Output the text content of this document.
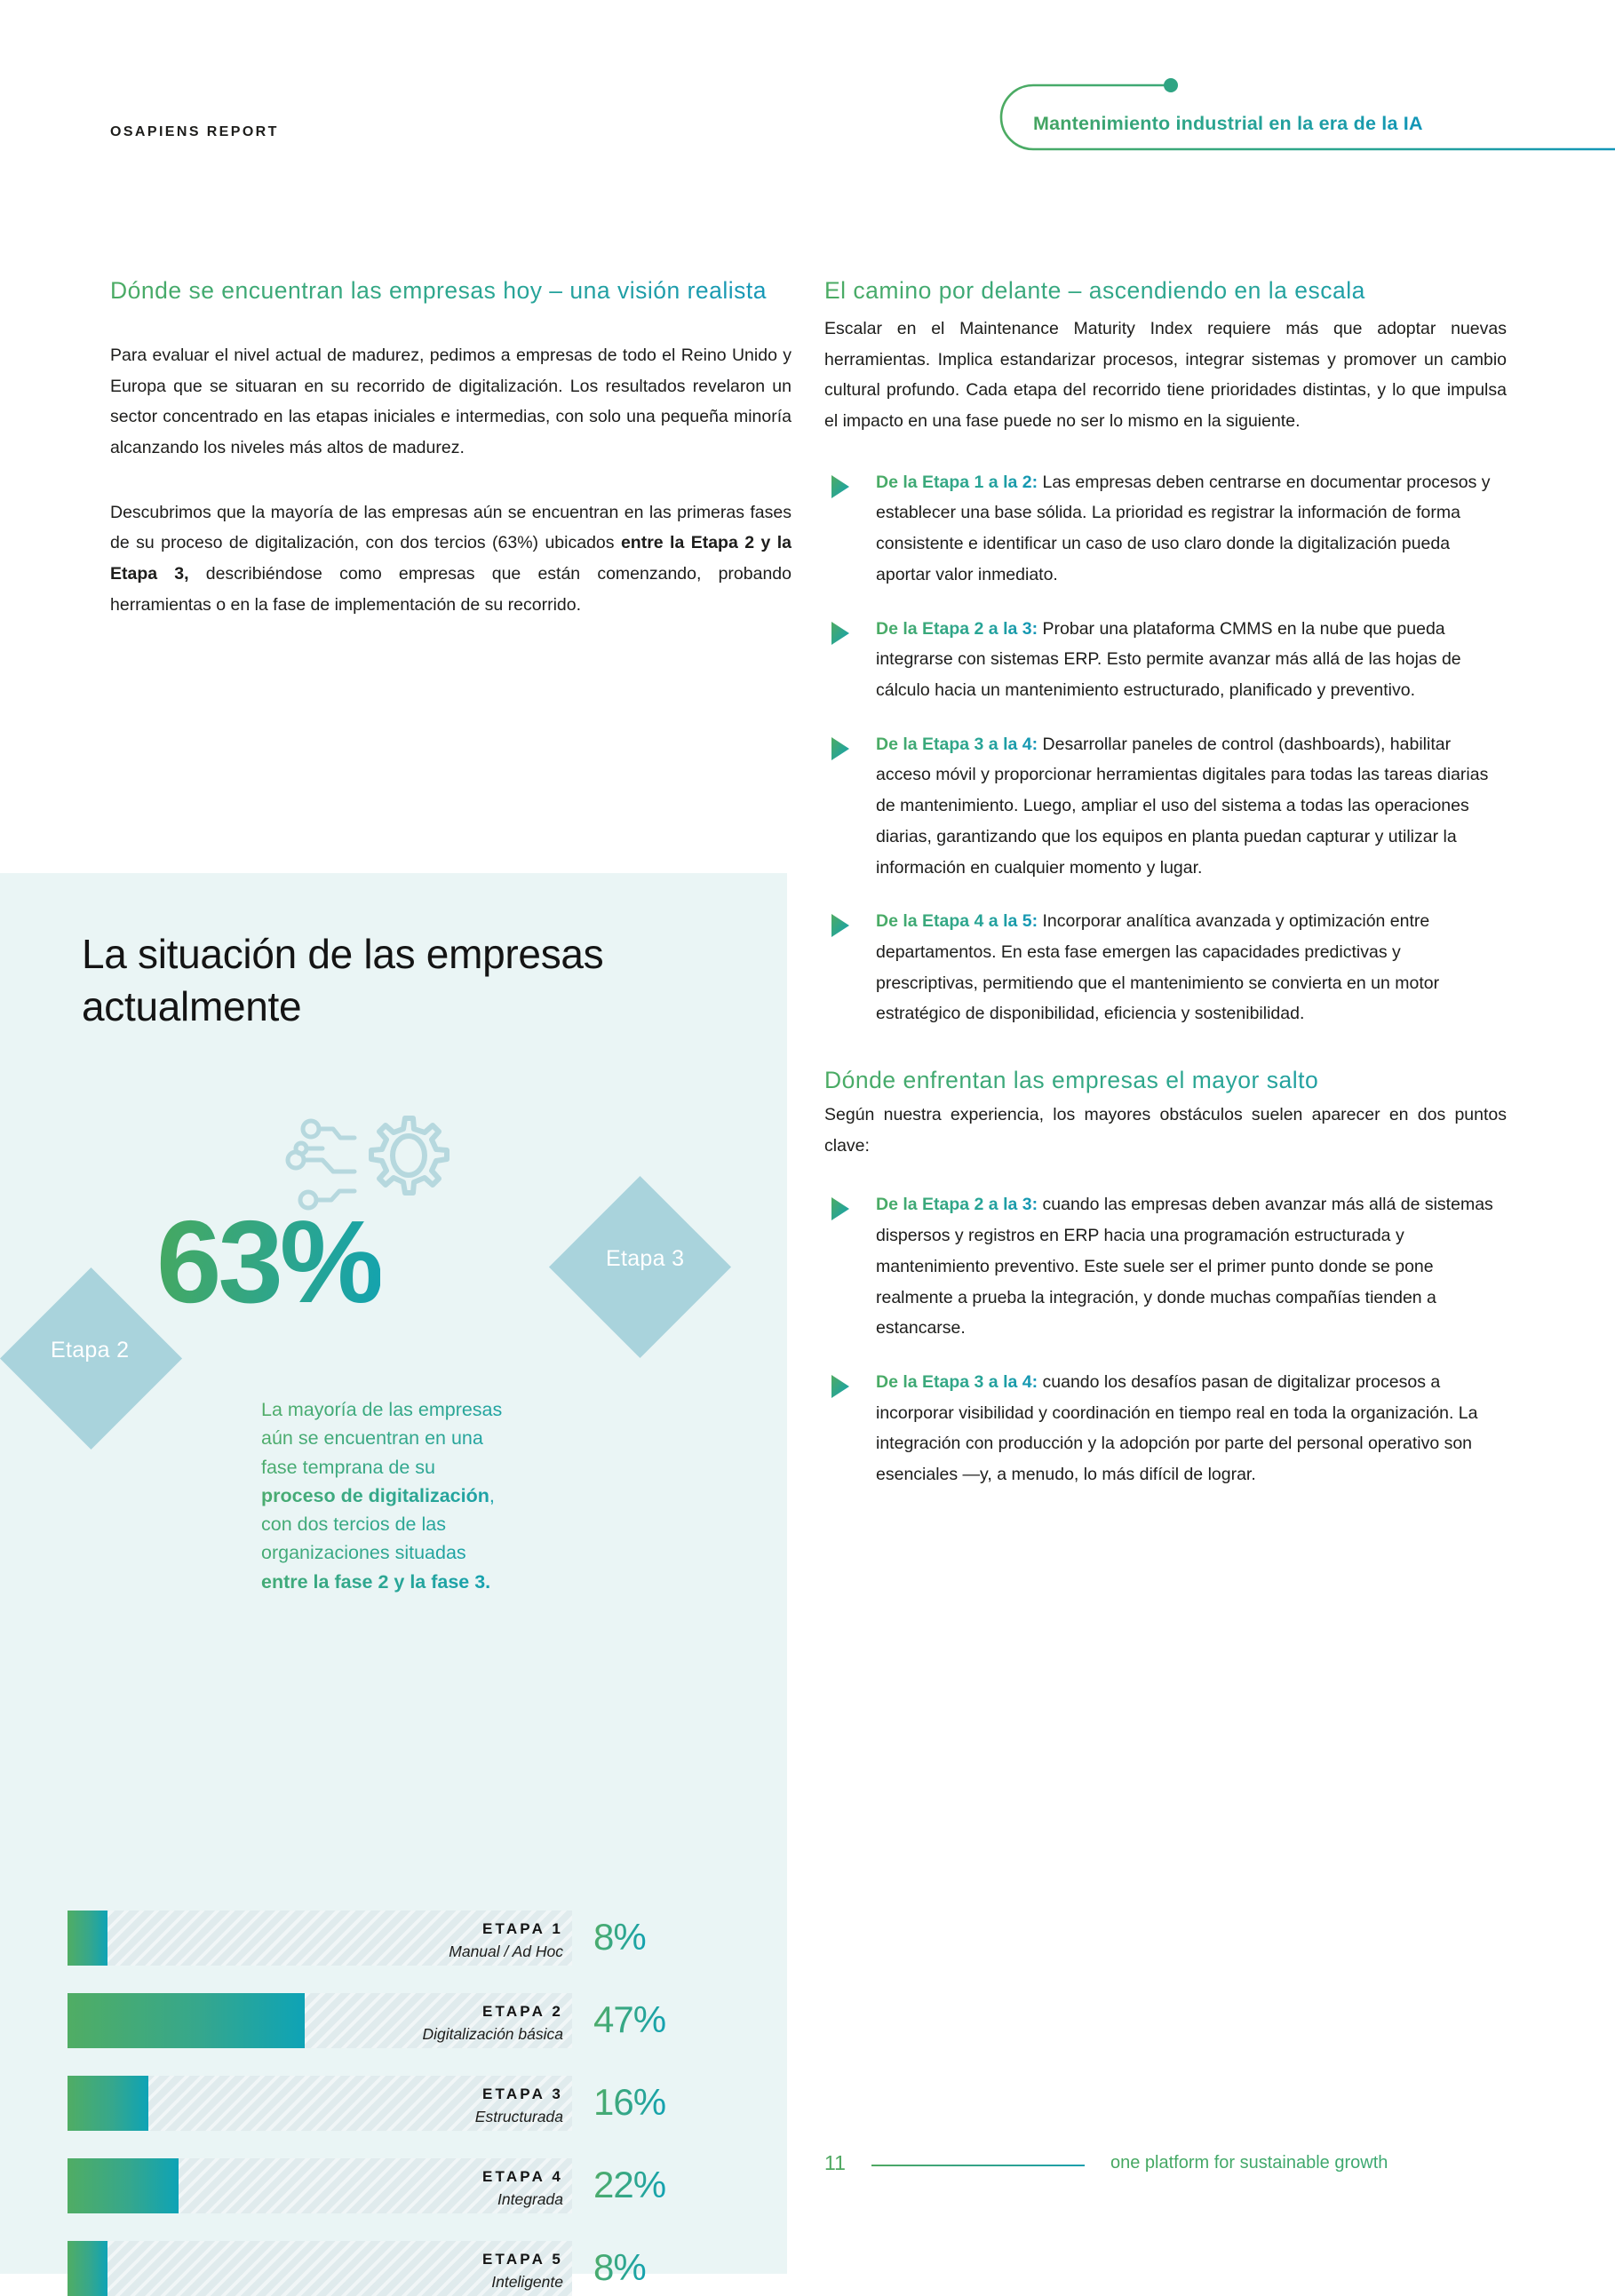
OSAPIENS REPORT	Mantenimiento industrial en la era de la IA
Dónde se encuentran las empresas hoy – una visión realista

Para evaluar el nivel actual de madurez, pedimos a empresas de todo el Reino Unido y Europa que se situaran en su recorrido de digitalización. Los resultados revelaron un sector concentrado en las etapas iniciales e intermedias, con solo una pequeña minoría alcanzando los niveles más altos de madurez.

Descubrimos que la mayoría de las empresas aún se encuentran en las primeras fases de su proceso de digitalización, con dos tercios (63%) ubicados entre la Etapa 2 y la Etapa 3, describiéndose como empresas que están comenzando, probando herramientas o en la fase de implementación de su recorrido.

El camino por delante – ascendiendo en la escala

Escalar en el Maintenance Maturity Index requiere más que adoptar nuevas herramientas. Implica estandarizar procesos, integrar sistemas y promover un cambio cultural profundo. Cada etapa del recorrido tiene prioridades distintas, y lo que impulsa el impacto en una fase puede no ser lo mismo en la siguiente.

De la Etapa 1 a la 2: Las empresas deben centrarse en documentar procesos y establecer una base sólida. La prioridad es registrar la información de forma consistente e identificar un caso de uso claro donde la digitalización pueda aportar valor inmediato.
De la Etapa 2 a la 3: Probar una plataforma CMMS en la nube que pueda integrarse con sistemas ERP. Esto permite avanzar más allá de las hojas de cálculo hacia un mantenimiento estructurado, planificado y preventivo.
De la Etapa 3 a la 4: Desarrollar paneles de control (dashboards), habilitar acceso móvil y proporcionar herramientas digitales para todas las tareas diarias de mantenimiento. Luego, ampliar el uso del sistema a todas las operaciones diarias, garantizando que los equipos en planta puedan capturar y utilizar la información en cualquier momento y lugar.
De la Etapa 4 a la 5: Incorporar analítica avanzada y optimización entre departamentos. En esta fase emergen las capacidades predictivas y prescriptivas, permitiendo que el mantenimiento se convierta en un motor estratégico de disponibilidad, eficiencia y sostenibilidad.
Dónde enfrentan las empresas el mayor salto

Según nuestra experiencia, los mayores obstáculos suelen aparecer en dos puntos clave:

De la Etapa 2 a la 3: cuando las empresas deben avanzar más allá de sistemas dispersos y registros en ERP hacia una programación estructurada y mantenimiento preventivo. Este suele ser el primer punto donde se pone realmente a prueba la integración, y donde muchas compañías tienden a estancarse.
De la Etapa 3 a la 4: cuando los desafíos pasan de digitalizar procesos a incorporar visibilidad y coordinación en tiempo real en toda la organización. La integración con producción y la adopción por parte del personal operativo son esenciales —y, a menudo, lo más difícil de lograr.
La situación de las empresas actualmente
Etapa 3
Etapa 2
63%

La mayoría de las empresas aún se encuentran en una fase temprana de su proceso de digitalización, con dos tercios de las organizaciones situadas entre la fase 2 y la fase 3.

ETAPA 1
Manual / Ad Hoc 8%
ETAPA 2
Digitalización básica 47%
ETAPA 3
Estructurada 16%
ETAPA 4
Integrada 22%
ETAPA 5
Inteligente 8%
11	one platform for sustainable growth
